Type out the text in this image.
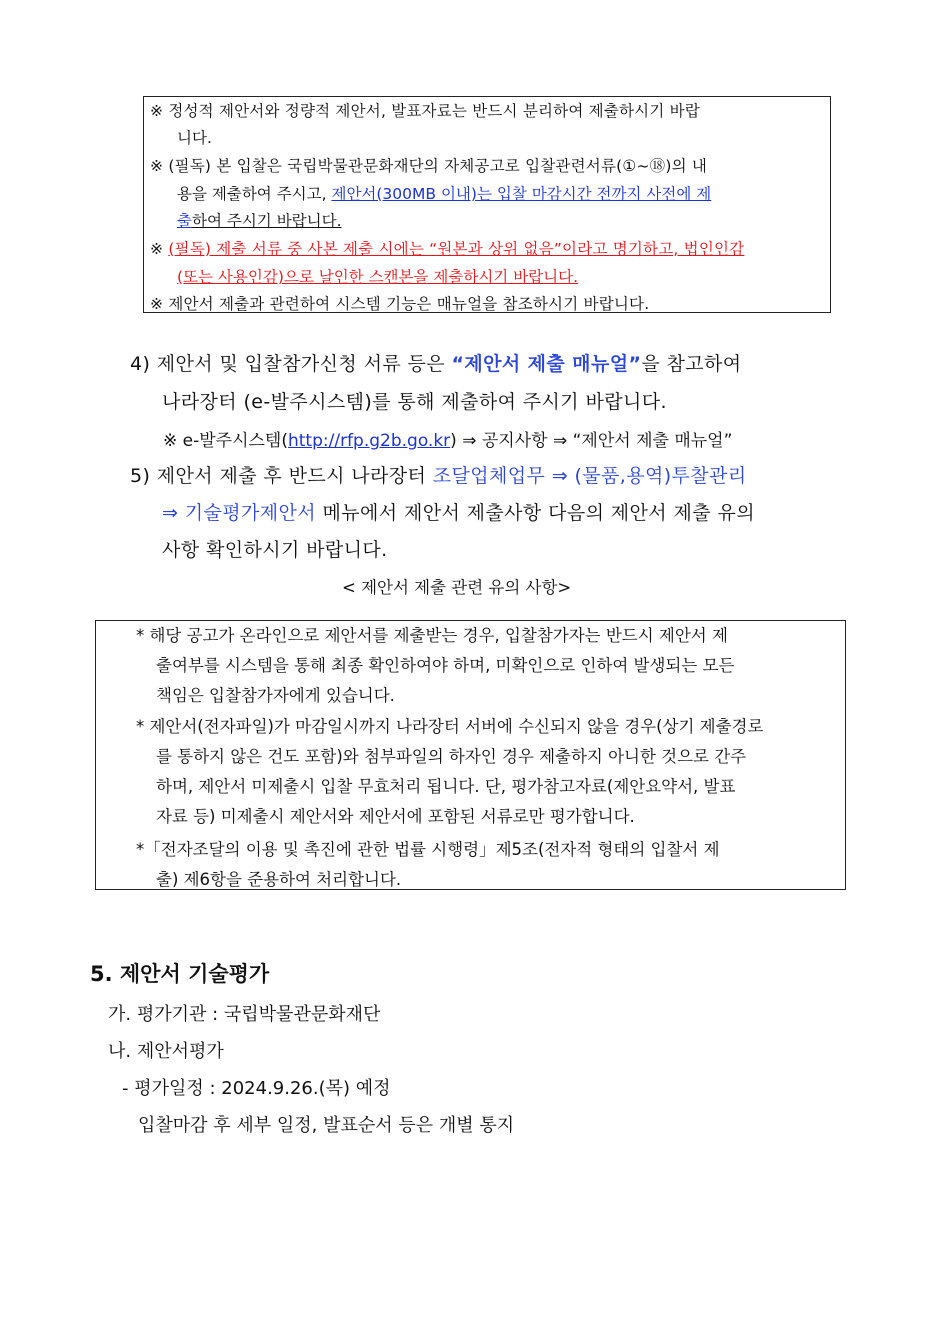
※ 정성적 제안서와 정량적 제안서, 발표자료는 반드시 분리하여 제출하시기 바랍
니다.
※ (필독) 본 입찰은 국립박물관문화재단의 자체공고로 입찰관련서류(①~⑱)의 내
용을 제출하여 주시고, 제안서(300MB 이내)는 입찰 마감시간 전까지 사전에 제
출하여 주시기 바랍니다.
※ (필독) 제출 서류 중 사본 제출 시에는 “원본과 상위 없음”이라고 명기하고, 법인인감
(또는 사용인감)으로 날인한 스캔본을 제출하시기 바랍니다.
※ 제안서 제출과 관련하여 시스템 기능은 매뉴얼을 참조하시기 바랍니다.
4) 제안서 및 입찰참가신청 서류 등은 “제안서 제출 매뉴얼”을 참고하여
나라장터 (e-발주시스템)를 통해 제출하여 주시기 바랍니다.
※ e-발주시스템(http://rfp.g2b.go.kr) ⇒ 공지사항 ⇒ “제안서 제출 매뉴얼”
5) 제안서 제출 후 반드시 나라장터 조달업체업무 ⇒ (물품,용역)투찰관리
⇒ 기술평가제안서 메뉴에서 제안서 제출사항 다음의 제안서 제출 유의
사항 확인하시기 바랍니다.
< 제안서 제출 관련 유의 사항>
* 해당 공고가 온라인으로 제안서를 제출받는 경우, 입찰참가자는 반드시 제안서 제
출여부를 시스템을 통해 최종 확인하여야 하며, 미확인으로 인하여 발생되는 모든
책임은 입찰참가자에게 있습니다.
* 제안서(전자파일)가 마감일시까지 나라장터 서버에 수신되지 않을 경우(상기 제출경로
를 통하지 않은 건도 포함)와 첨부파일의 하자인 경우 제출하지 아니한 것으로 간주
하며, 제안서 미제출시 입찰 무효처리 됩니다. 단, 평가참고자료(제안요약서, 발표
자료 등) 미제출시 제안서와 제안서에 포함된 서류로만 평가합니다.
*「전자조달의 이용 및 촉진에 관한 법률 시행령」제5조(전자적 형태의 입찰서 제
출) 제6항을 준용하여 처리합니다.
5. 제안서 기술평가
가. 평가기관 : 국립박물관문화재단
나. 제안서평가
- 평가일정 : 2024.9.26.(목) 예정
입찰마감 후 세부 일정, 발표순서 등은 개별 통지
